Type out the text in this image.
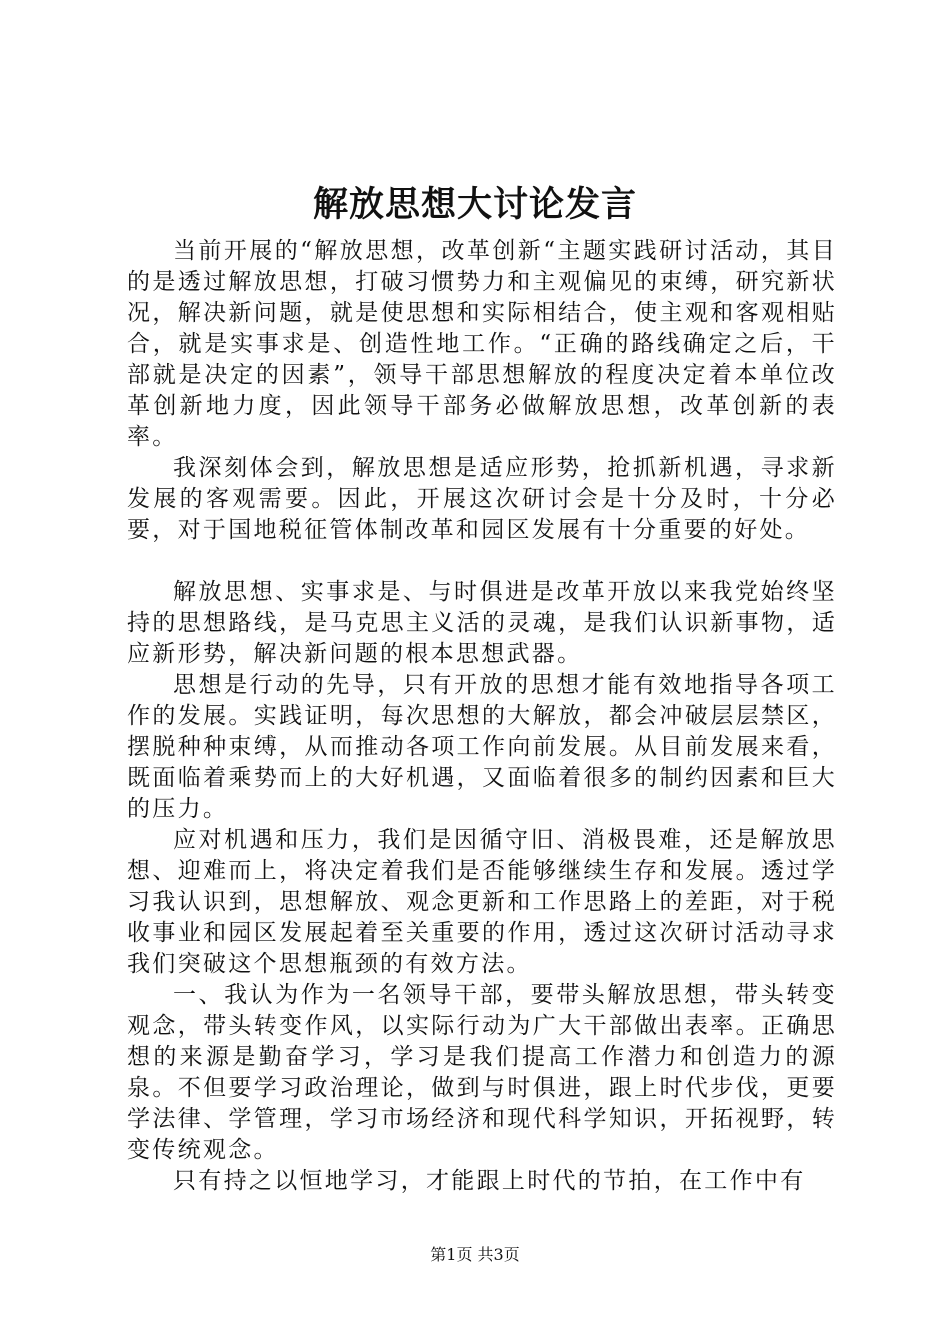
解放思想大讨论发言

当前开展的“解放思想，改革创新“主题实践研讨活动，其目的是透过解放思想，打破习惯势力和主观偏见的束缚，研究新状况，解决新问题，就是使思想和实际相结合，使主观和客观相贴合，就是实事求是、创造性地工作。“正确的路线确定之后，干部就是决定的因素”，领导干部思想解放的程度决定着本单位改革创新地力度，因此领导干部务必做解放思想，改革创新的表率。

我深刻体会到，解放思想是适应形势，抢抓新机遇，寻求新发展的客观需要。因此，开展这次研讨会是十分及时，十分必要，对于国地税征管体制改革和园区发展有十分重要的好处。

解放思想、实事求是、与时俱进是改革开放以来我党始终坚持的思想路线，是马克思主义活的灵魂，是我们认识新事物，适应新形势，解决新问题的根本思想武器。

思想是行动的先导，只有开放的思想才能有效地指导各项工作的发展。实践证明，每次思想的大解放，都会冲破层层禁区，摆脱种种束缚，从而推动各项工作向前发展。从目前发展来看，既面临着乘势而上的大好机遇，又面临着很多的制约因素和巨大的压力。

应对机遇和压力，我们是因循守旧、消极畏难，还是解放思想、迎难而上，将决定着我们是否能够继续生存和发展。透过学习我认识到，思想解放、观念更新和工作思路上的差距，对于税收事业和园区发展起着至关重要的作用，透过这次研讨活动寻求我们突破这个思想瓶颈的有效方法。

一、我认为作为一名领导干部，要带头解放思想，带头转变观念，带头转变作风，以实际行动为广大干部做出表率。正确思想的来源是勤奋学习，学习是我们提高工作潜力和创造力的源泉。不但要学习政治理论，做到与时俱进，跟上时代步伐，更要学法律、学管理，学习市场经济和现代科学知识，开拓视野，转变传统观念。

只有持之以恒地学习，才能跟上时代的节拍，在工作中有

第1页 共3页
